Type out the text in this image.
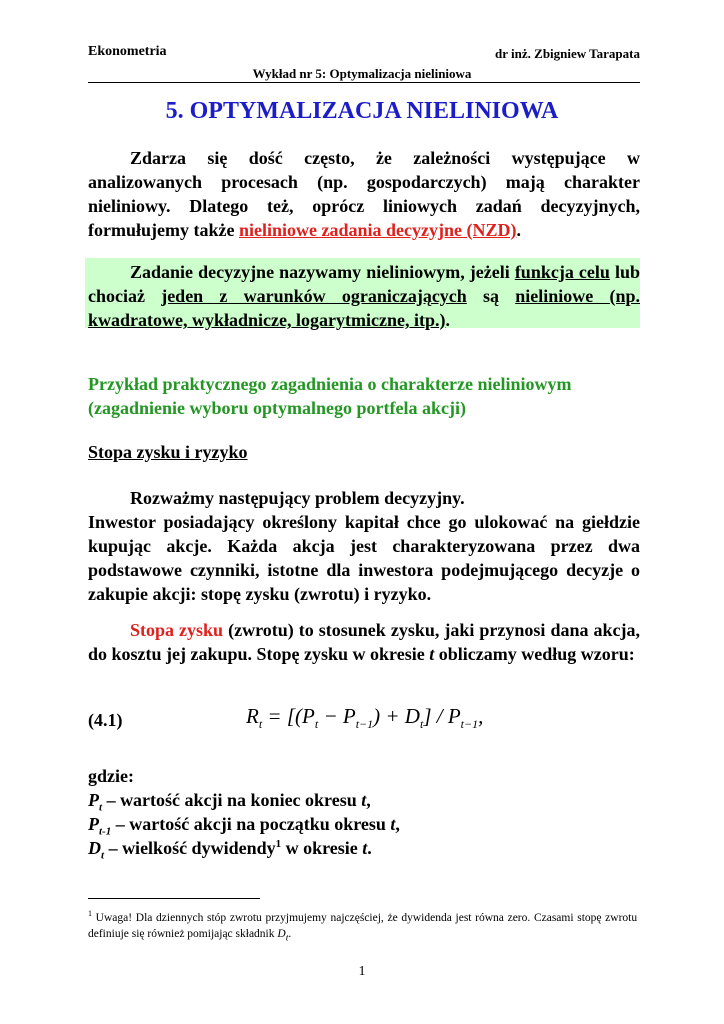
Ekonometria	dr inż. Zbigniew Tarapata
Wykład nr 5: Optymalizacja nieliniowa
5. OPTYMALIZACJA NIELINIOWA
Zdarza się dość często, że zależności występujące w analizowanych procesach (np. gospodarczych) mają charakter nieliniowy. Dlatego też, oprócz liniowych zadań decyzyjnych, formułujemy także nieliniowe zadania decyzyjne (NZD).
Zadanie decyzyjne nazywamy nieliniowym, jeżeli funkcja celu lub chociaż jeden z warunków ograniczających są nieliniowe (np. kwadratowe, wykładnicze, logarytmiczne, itp.).
Przykład praktycznego zagadnienia o charakterze nieliniowym (zagadnienie wyboru optymalnego portfela akcji)
Stopa zysku i ryzyko
Rozważmy następujący problem decyzyjny.
Inwestor posiadający określony kapitał chce go ulokować na giełdzie kupując akcje. Każda akcja jest charakteryzowana przez dwa podstawowe czynniki, istotne dla inwestora podejmującego decyzje o zakupie akcji: stopę zysku (zwrotu) i ryzyko.
Stopa zysku (zwrotu) to stosunek zysku, jaki przynosi dana akcja, do kosztu jej zakupu. Stopę zysku w okresie t obliczamy według wzoru:
(4.1)	$R_t = [(P_t - P_{t-1}) + D_t] / P_{t-1}$,
gdzie:
$P_t$ – wartość akcji na koniec okresu t,
$P_{t-1}$ – wartość akcji na początku okresu t,
$D_t$ – wielkość dywidendy$^1$ w okresie t.
$^1$ Uwaga! Dla dziennych stóp zwrotu przyjmujemy najczęściej, że dywidenda jest równa zero. Czasami stopę zwrotu  definiuje się również pomijając składnik $D_t$.
1
